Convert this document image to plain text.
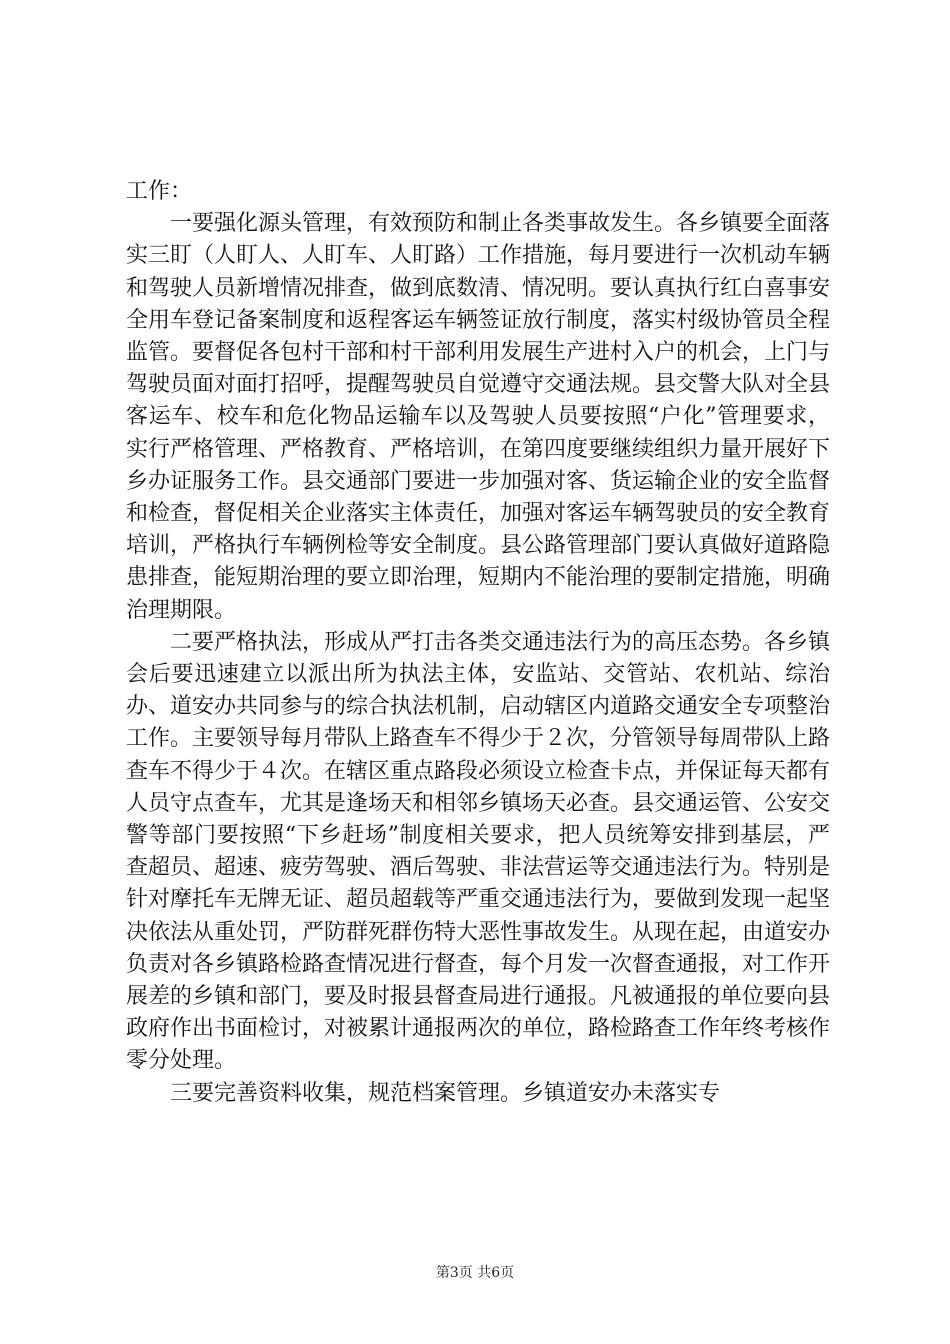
工作：

一要强化源头管理，有效预防和制止各类事故发生。各乡镇要全面落实三盯（人盯人、人盯车、人盯路）工作措施，每月要进行一次机动车辆和驾驶人员新增情况排查，做到底数清、情况明。要认真执行红白喜事安全用车登记备案制度和返程客运车辆签证放行制度，落实村级协管员全程监管。要督促各包村干部和村干部利用发展生产进村入户的机会，上门与驾驶员面对面打招呼，提醒驾驶员自觉遵守交通法规。县交警大队对全县客运车、校车和危化物品运输车以及驾驶人员要按照“户化”管理要求，实行严格管理、严格教育、严格培训，在第四度要继续组织力量开展好下乡办证服务工作。县交通部门要进一步加强对客、货运输企业的安全监督和检查，督促相关企业落实主体责任，加强对客运车辆驾驶员的安全教育培训，严格执行车辆例检等安全制度。县公路管理部门要认真做好道路隐患排查，能短期治理的要立即治理，短期内不能治理的要制定措施，明确治理期限。

二要严格执法，形成从严打击各类交通违法行为的高压态势。各乡镇会后要迅速建立以派出所为执法主体，安监站、交管站、农机站、综治办、道安办共同参与的综合执法机制，启动辖区内道路交通安全专项整治工作。主要领导每月带队上路查车不得少于２次，分管领导每周带队上路查车不得少于４次。在辖区重点路段必须设立检查卡点，并保证每天都有人员守点查车，尤其是逢场天和相邻乡镇场天必查。县交通运管、公安交警等部门要按照“下乡赶场”制度相关要求，把人员统筹安排到基层，严查超员、超速、疲劳驾驶、酒后驾驶、非法营运等交通违法行为。特别是针对摩托车无牌无证、超员超载等严重交通违法行为，要做到发现一起坚决依法从重处罚，严防群死群伤特大恶性事故发生。从现在起，由道安办负责对各乡镇路检路查情况进行督查，每个月发一次督查通报，对工作开展差的乡镇和部门，要及时报县督查局进行通报。凡被通报的单位要向县政府作出书面检讨，对被累计通报两次的单位，路检路查工作年终考核作零分处理。

三要完善资料收集，规范档案管理。乡镇道安办未落实专

第3页 共6页
